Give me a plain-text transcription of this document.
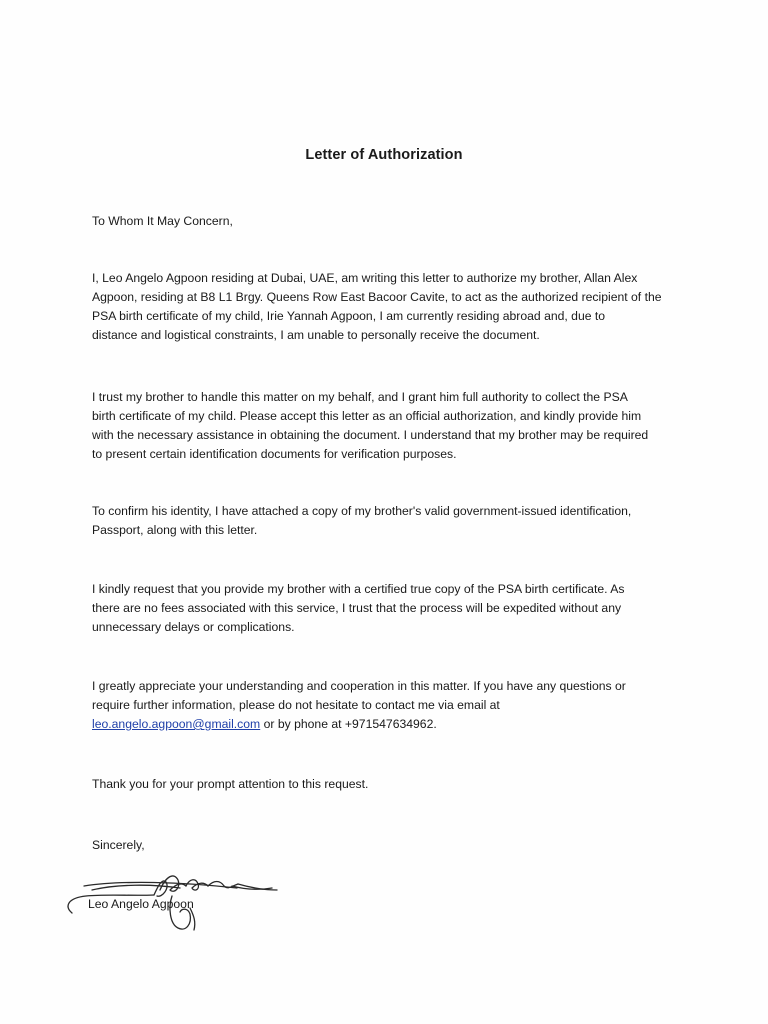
Letter of Authorization

To Whom It May Concern,

I, Leo Angelo Agpoon residing at Dubai, UAE, am writing this letter to authorize my brother, Allan Alex
Agpoon, residing at B8 L1 Brgy. Queens Row East Bacoor Cavite, to act as the authorized recipient of the
PSA birth certificate of my child, Irie Yannah Agpoon, I am currently residing abroad and, due to
distance and logistical constraints, I am unable to personally receive the document.

I trust my brother to handle this matter on my behalf, and I grant him full authority to collect the PSA
birth certificate of my child. Please accept this letter as an official authorization, and kindly provide him
with the necessary assistance in obtaining the document. I understand that my brother may be required
to present certain identification documents for verification purposes.

To confirm his identity, I have attached a copy of my brother's valid government-issued identification,
Passport, along with this letter.

I kindly request that you provide my brother with a certified true copy of the PSA birth certificate. As
there are no fees associated with this service, I trust that the process will be expedited without any
unnecessary delays or complications.

I greatly appreciate your understanding and cooperation in this matter. If you have any questions or
require further information, please do not hesitate to contact me via email at
leo.angelo.agpoon@gmail.com or by phone at +971547634962.

Thank you for your prompt attention to this request.

Sincerely,

Leo Angelo Agpoon
